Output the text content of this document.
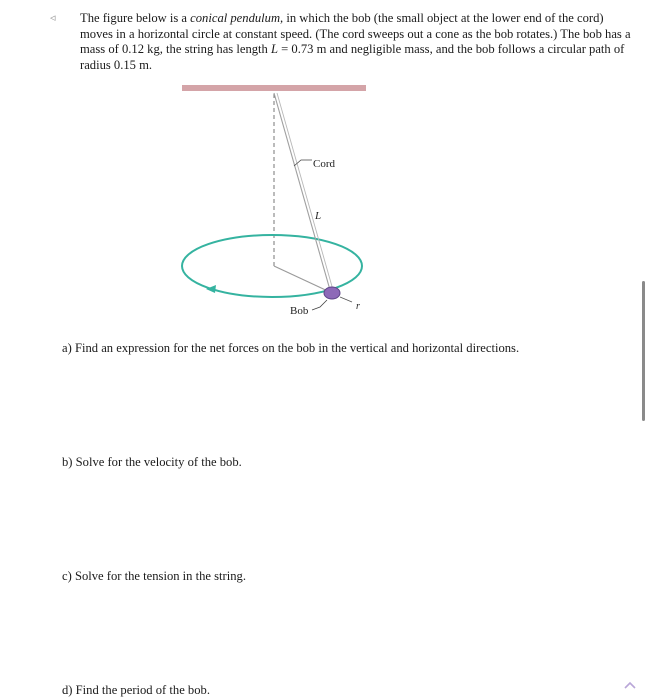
◃	The figure below is a conical pendulum, in which the bob (the small object at the lower end of the cord) moves in a horizontal circle at constant speed. (The cord sweeps out a cone as the bob rotates.) The bob has a mass of 0.12 kg, the string has length L = 0.73 m and negligible mass, and the bob follows a circular path of radius 0.15 m.
Cord
L
Bob	r
a) Find an expression for the net forces on the bob in the vertical and horizontal directions.
b) Solve for the velocity of the bob.
c) Solve for the tension in the string.
d) Find the period of the bob.
